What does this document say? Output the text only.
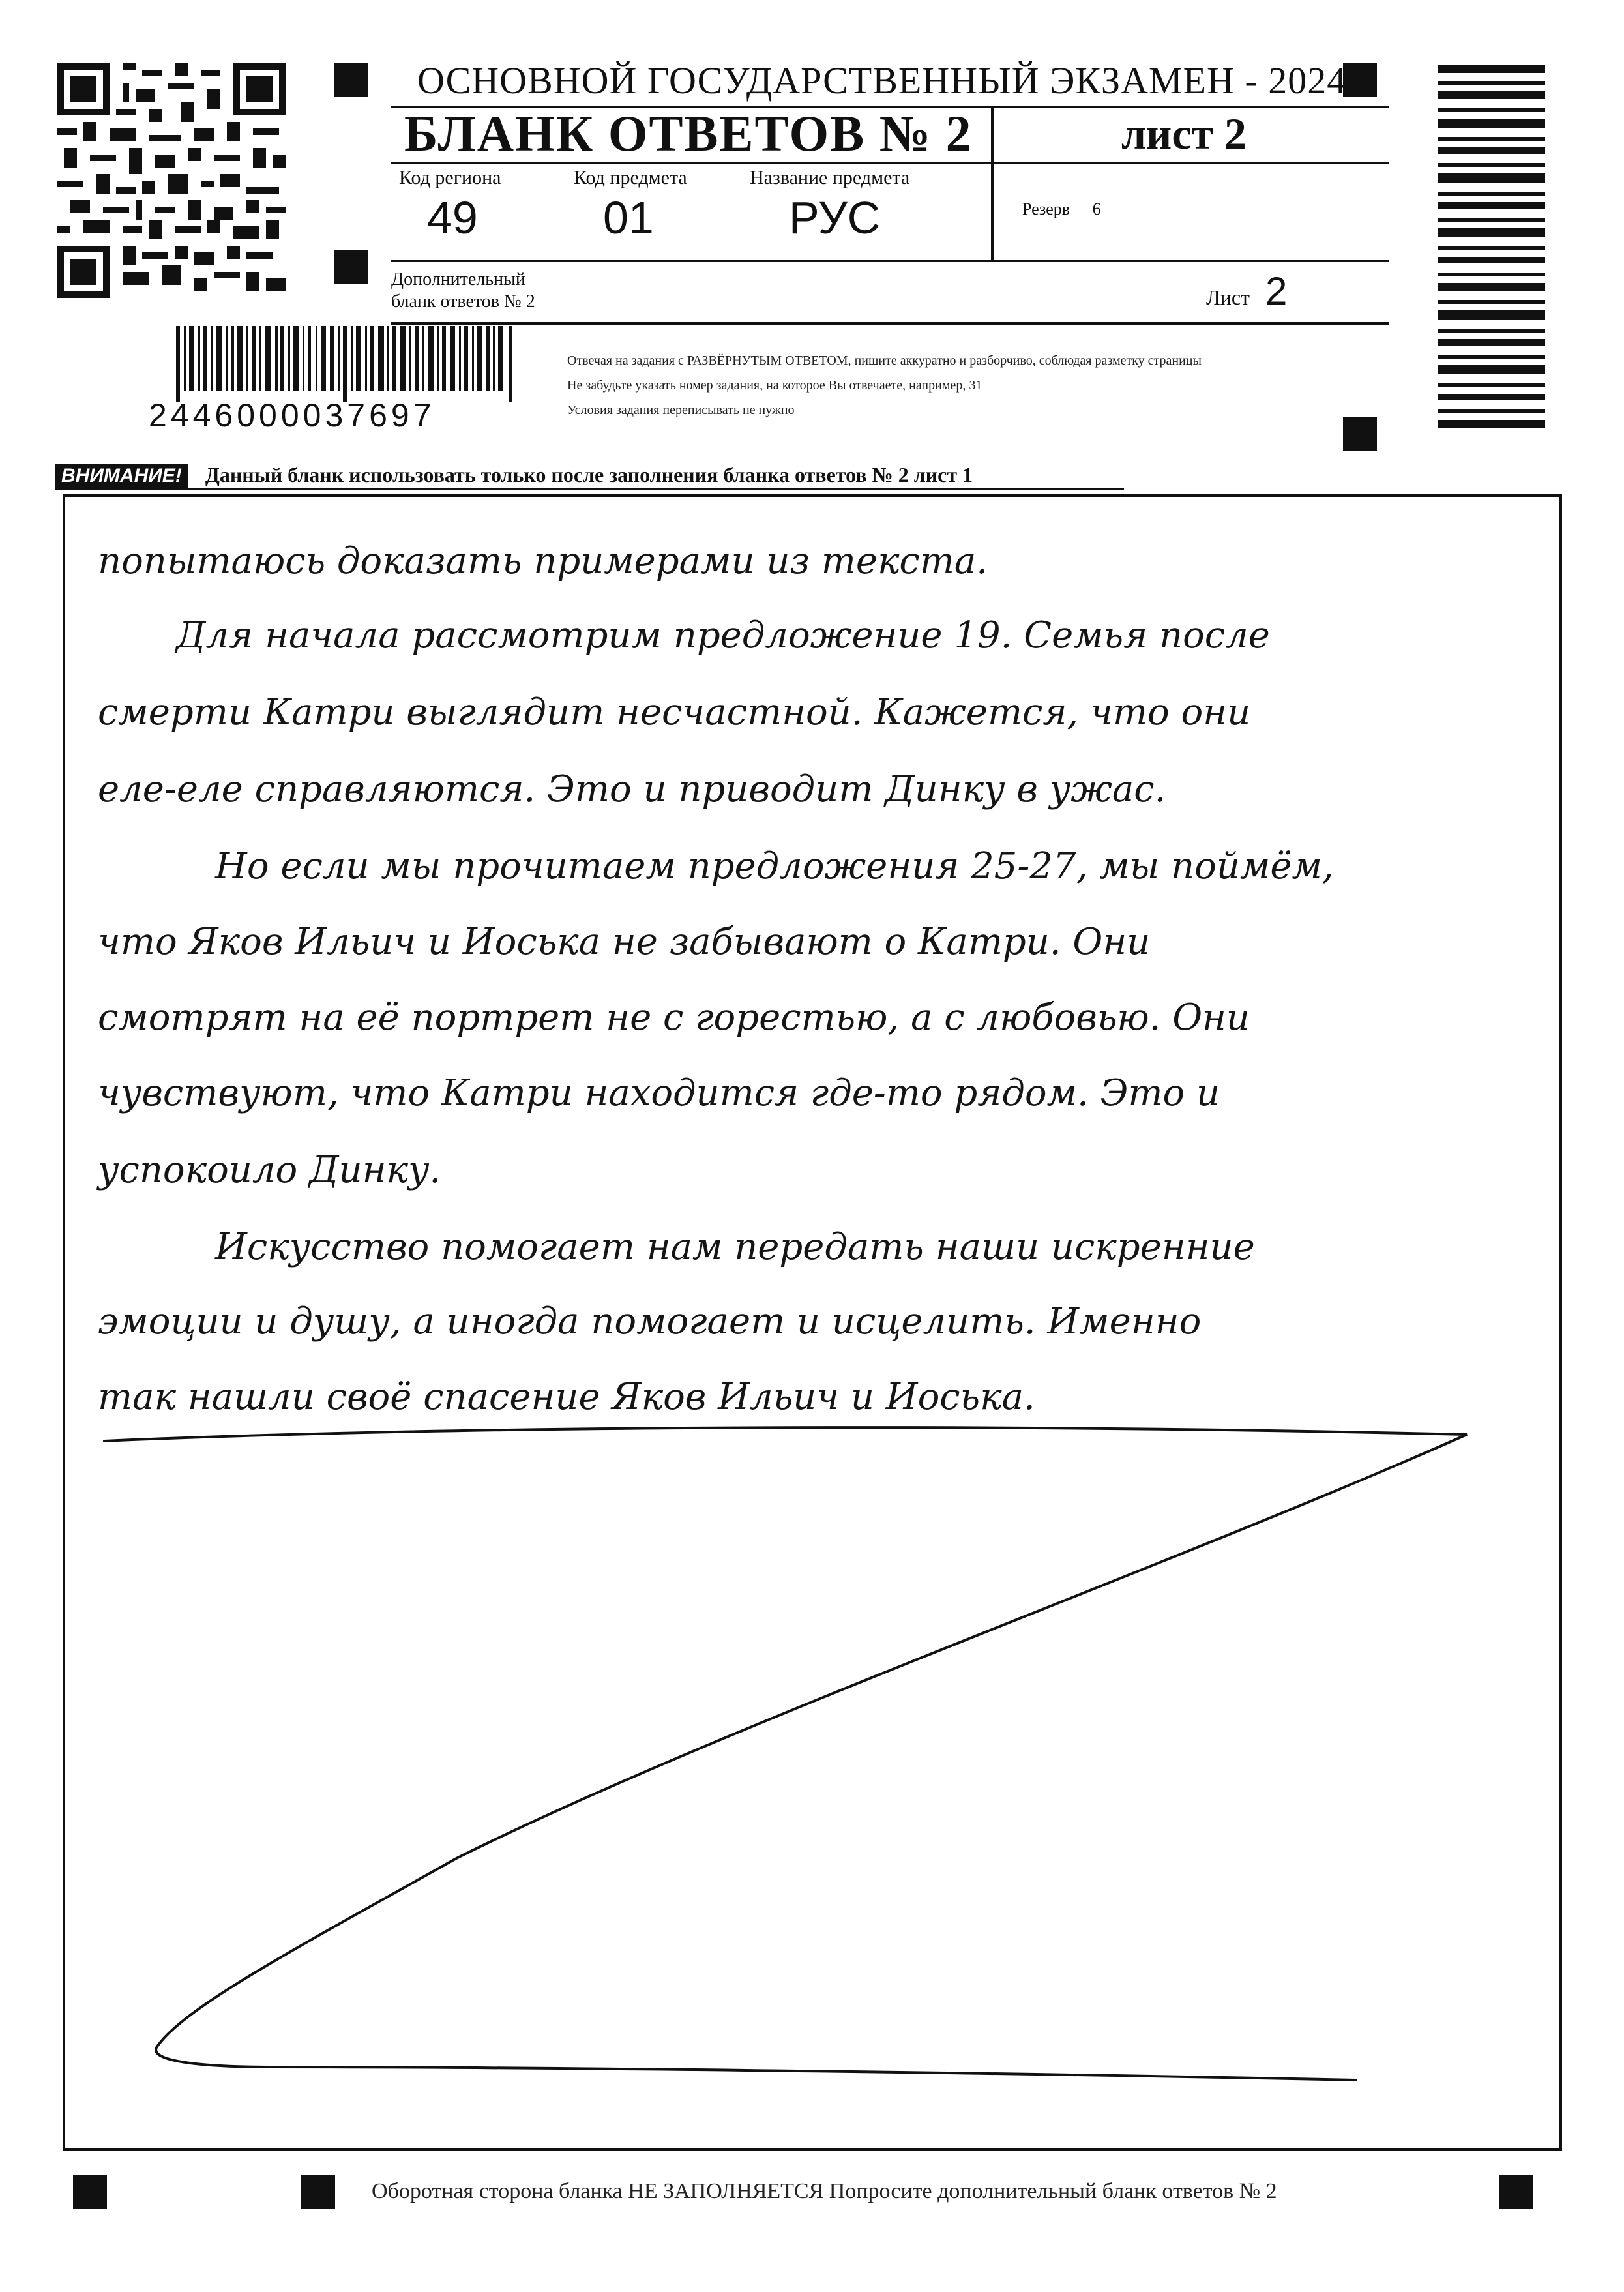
ОСНОВНОЙ ГОСУДАРСТВЕННЫЙ ЭКЗАМЕН - 2024
БЛАНК ОТВЕТОВ № 2	лист 2
Код региона
49
Код предмета
01
Название предмета
РУС	Резерв 6
Дополнительный
бланк ответов № 2	Лист 2
2446000037697
Отвечая на задания с РАЗВЁРНУТЫМ ОТВЕТОМ, пишите аккуратно и разборчиво, соблюдая разметку страницы
Не забудьте указать номер задания, на которое Вы отвечаете, например, 31
Условия задания переписывать не нужно
ВНИМАНИЕ! Данный бланк использовать только после заполнения бланка ответов № 2 лист 1
попытаюсь доказать примерами из текста.
Для начала рассмотрим предложение 19. Семья после
смерти Катри выглядит несчастной. Кажется, что они
еле-еле справляются. Это и приводит Динку в ужас.
Но если мы прочитаем предложения 25-27, мы поймём,
что Яков Ильич и Иоська не забывают о Катри. Они
смотрят на её портрет не с горестью, а с любовью. Они
чувствуют, что Катри находится где-то рядом. Это и
успокоило Динку.
Искусство помогает нам передать наши искренние
эмоции и душу, а иногда помогает и исцелить. Именно
так нашли своё спасение Яков Ильич и Иоська.
Оборотная сторона бланка НЕ ЗАПОЛНЯЕТСЯ Попросите дополнительный бланк ответов № 2
